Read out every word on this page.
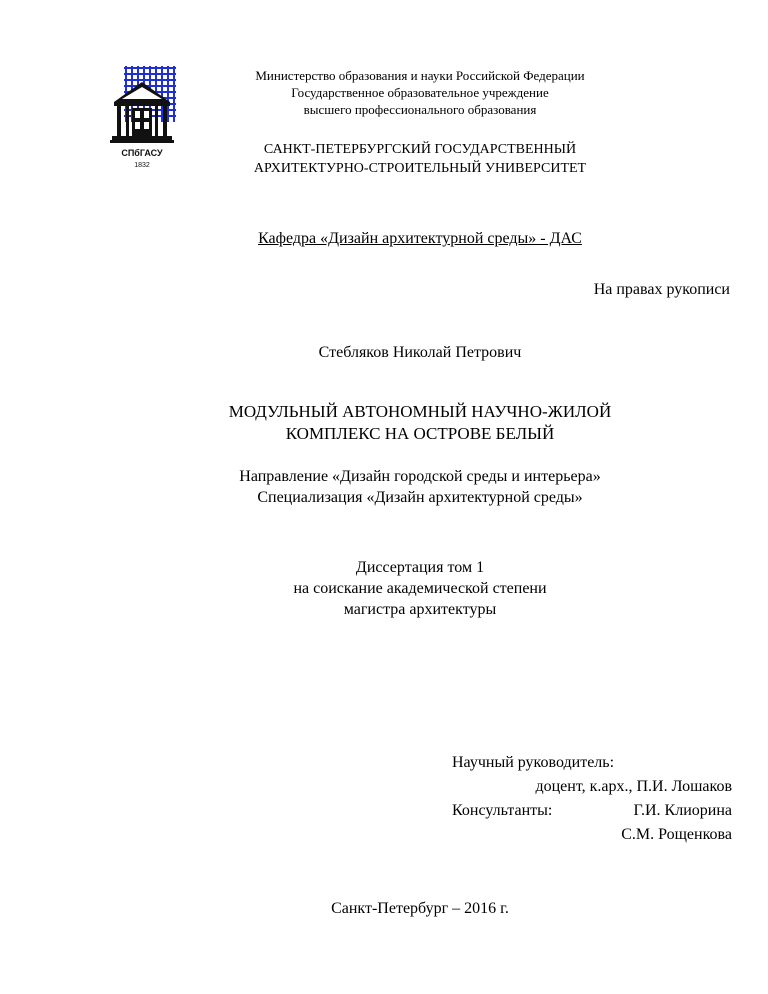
СПбГАСУ
1832
Министерство образования и науки Российской Федерации
Государственное образовательное учреждение
высшего профессионального образования
САНКТ-ПЕТЕРБУРГСКИЙ ГОСУДАРСТВЕННЫЙ
АРХИТЕКТУРНО-СТРОИТЕЛЬНЫЙ УНИВЕРСИТЕТ
Кафедра «Дизайн архитектурной среды» - ДАС
На правах рукописи
Стебляков Николай Петрович
МОДУЛЬНЫЙ АВТОНОМНЫЙ НАУЧНО-ЖИЛОЙ
КОМПЛЕКС НА ОСТРОВЕ БЕЛЫЙ
Направление «Дизайн городской среды и интерьера»
Специализация «Дизайн архитектурной среды»
Диссертация том 1
на соискание академической степени
магистра архитектуры
Научный руководитель:
доцент, к.арх., П.И. Лошаков
Консультанты:	Г.И. Клиорина
С.М. Рощенкова
Санкт-Петербург – 2016 г.
